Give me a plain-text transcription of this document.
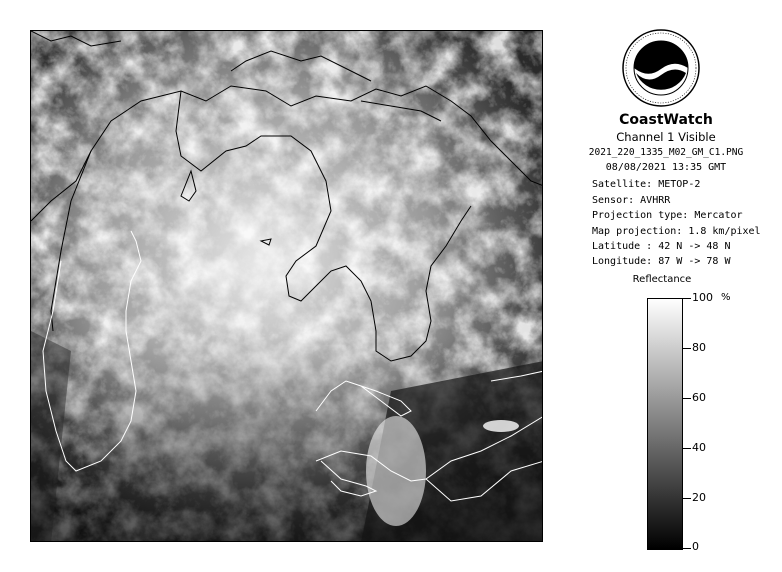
CoastWatch
Channel 1 Visible
2021_220_1335_M02_GM_C1.PNG
08/08/2021 13:35 GMT
Satellite: METOP-2
Sensor: AVHRR
Projection type: Mercator
Map projection: 1.8 km/pixel
Latitude : 42 N -> 48 N
Longitude: 87 W -> 78 W
Reflectance
%
100
80
60
40
20
0
